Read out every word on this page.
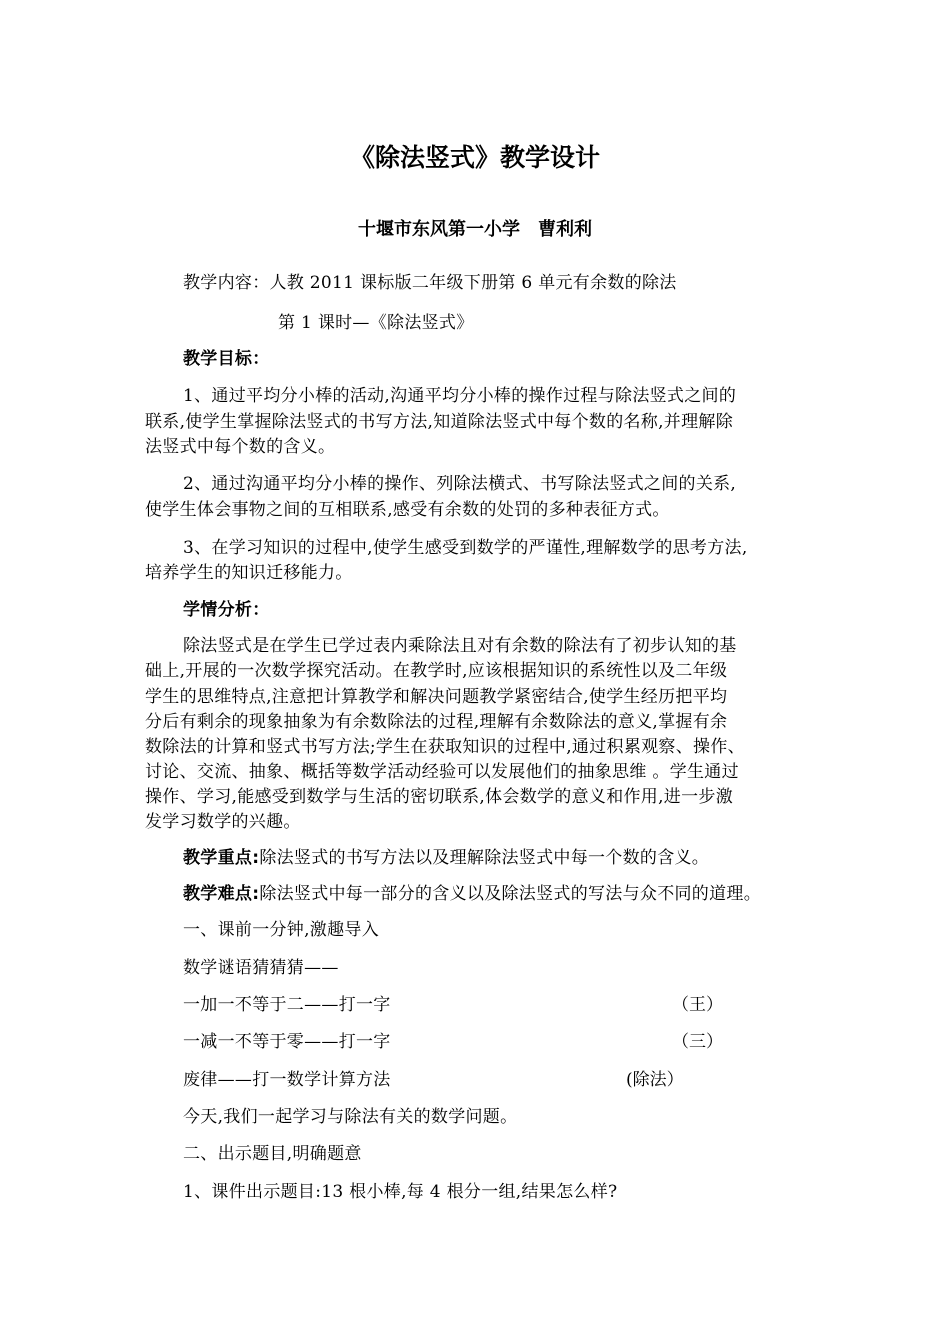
《除法竖式》教学设计
十堰市东风第一小学　曹利利
教学内容：人教 2011 课标版二年级下册第 6 单元有余数的除法
第 1 课时—《除法竖式》
教学目标：
1、通过平均分小棒的活动,沟通平均分小棒的操作过程与除法竖式之间的
联系,使学生掌握除法竖式的书写方法,知道除法竖式中每个数的名称,并理解除
法竖式中每个数的含义。
2、通过沟通平均分小棒的操作、列除法横式、书写除法竖式之间的关系,
使学生体会事物之间的互相联系,感受有余数的处罚的多种表征方式。
3、在学习知识的过程中,使学生感受到数学的严谨性,理解数学的思考方法,
培养学生的知识迁移能力。
学情分析：
除法竖式是在学生已学过表内乘除法且对有余数的除法有了初步认知的基
础上,开展的一次数学探究活动。在教学时,应该根据知识的系统性以及二年级
学生的思维特点,注意把计算教学和解决问题教学紧密结合,使学生经历把平均
分后有剩余的现象抽象为有余数除法的过程,理解有余数除法的意义,掌握有余
数除法的计算和竖式书写方法;学生在获取知识的过程中,通过积累观察、操作、
讨论、交流、抽象、概括等数学活动经验可以发展他们的抽象思维 。学生通过
操作、学习,能感受到数学与生活的密切联系,体会数学的意义和作用,进一步激
发学习数学的兴趣。
教学重点:除法竖式的书写方法以及理解除法竖式中每一个数的含义。
教学难点:除法竖式中每一部分的含义以及除法竖式的写法与众不同的道理。
一、课前一分钟,激趣导入
数学谜语猜猜猜——
一加一不等于二——打一字	（王）
一减一不等于零——打一字	（三）
废律——打一数学计算方法	(除法）
今天,我们一起学习与除法有关的数学问题。
二、出示题目,明确题意
1、课件出示题目:13 根小棒,每 4 根分一组,结果怎么样?
